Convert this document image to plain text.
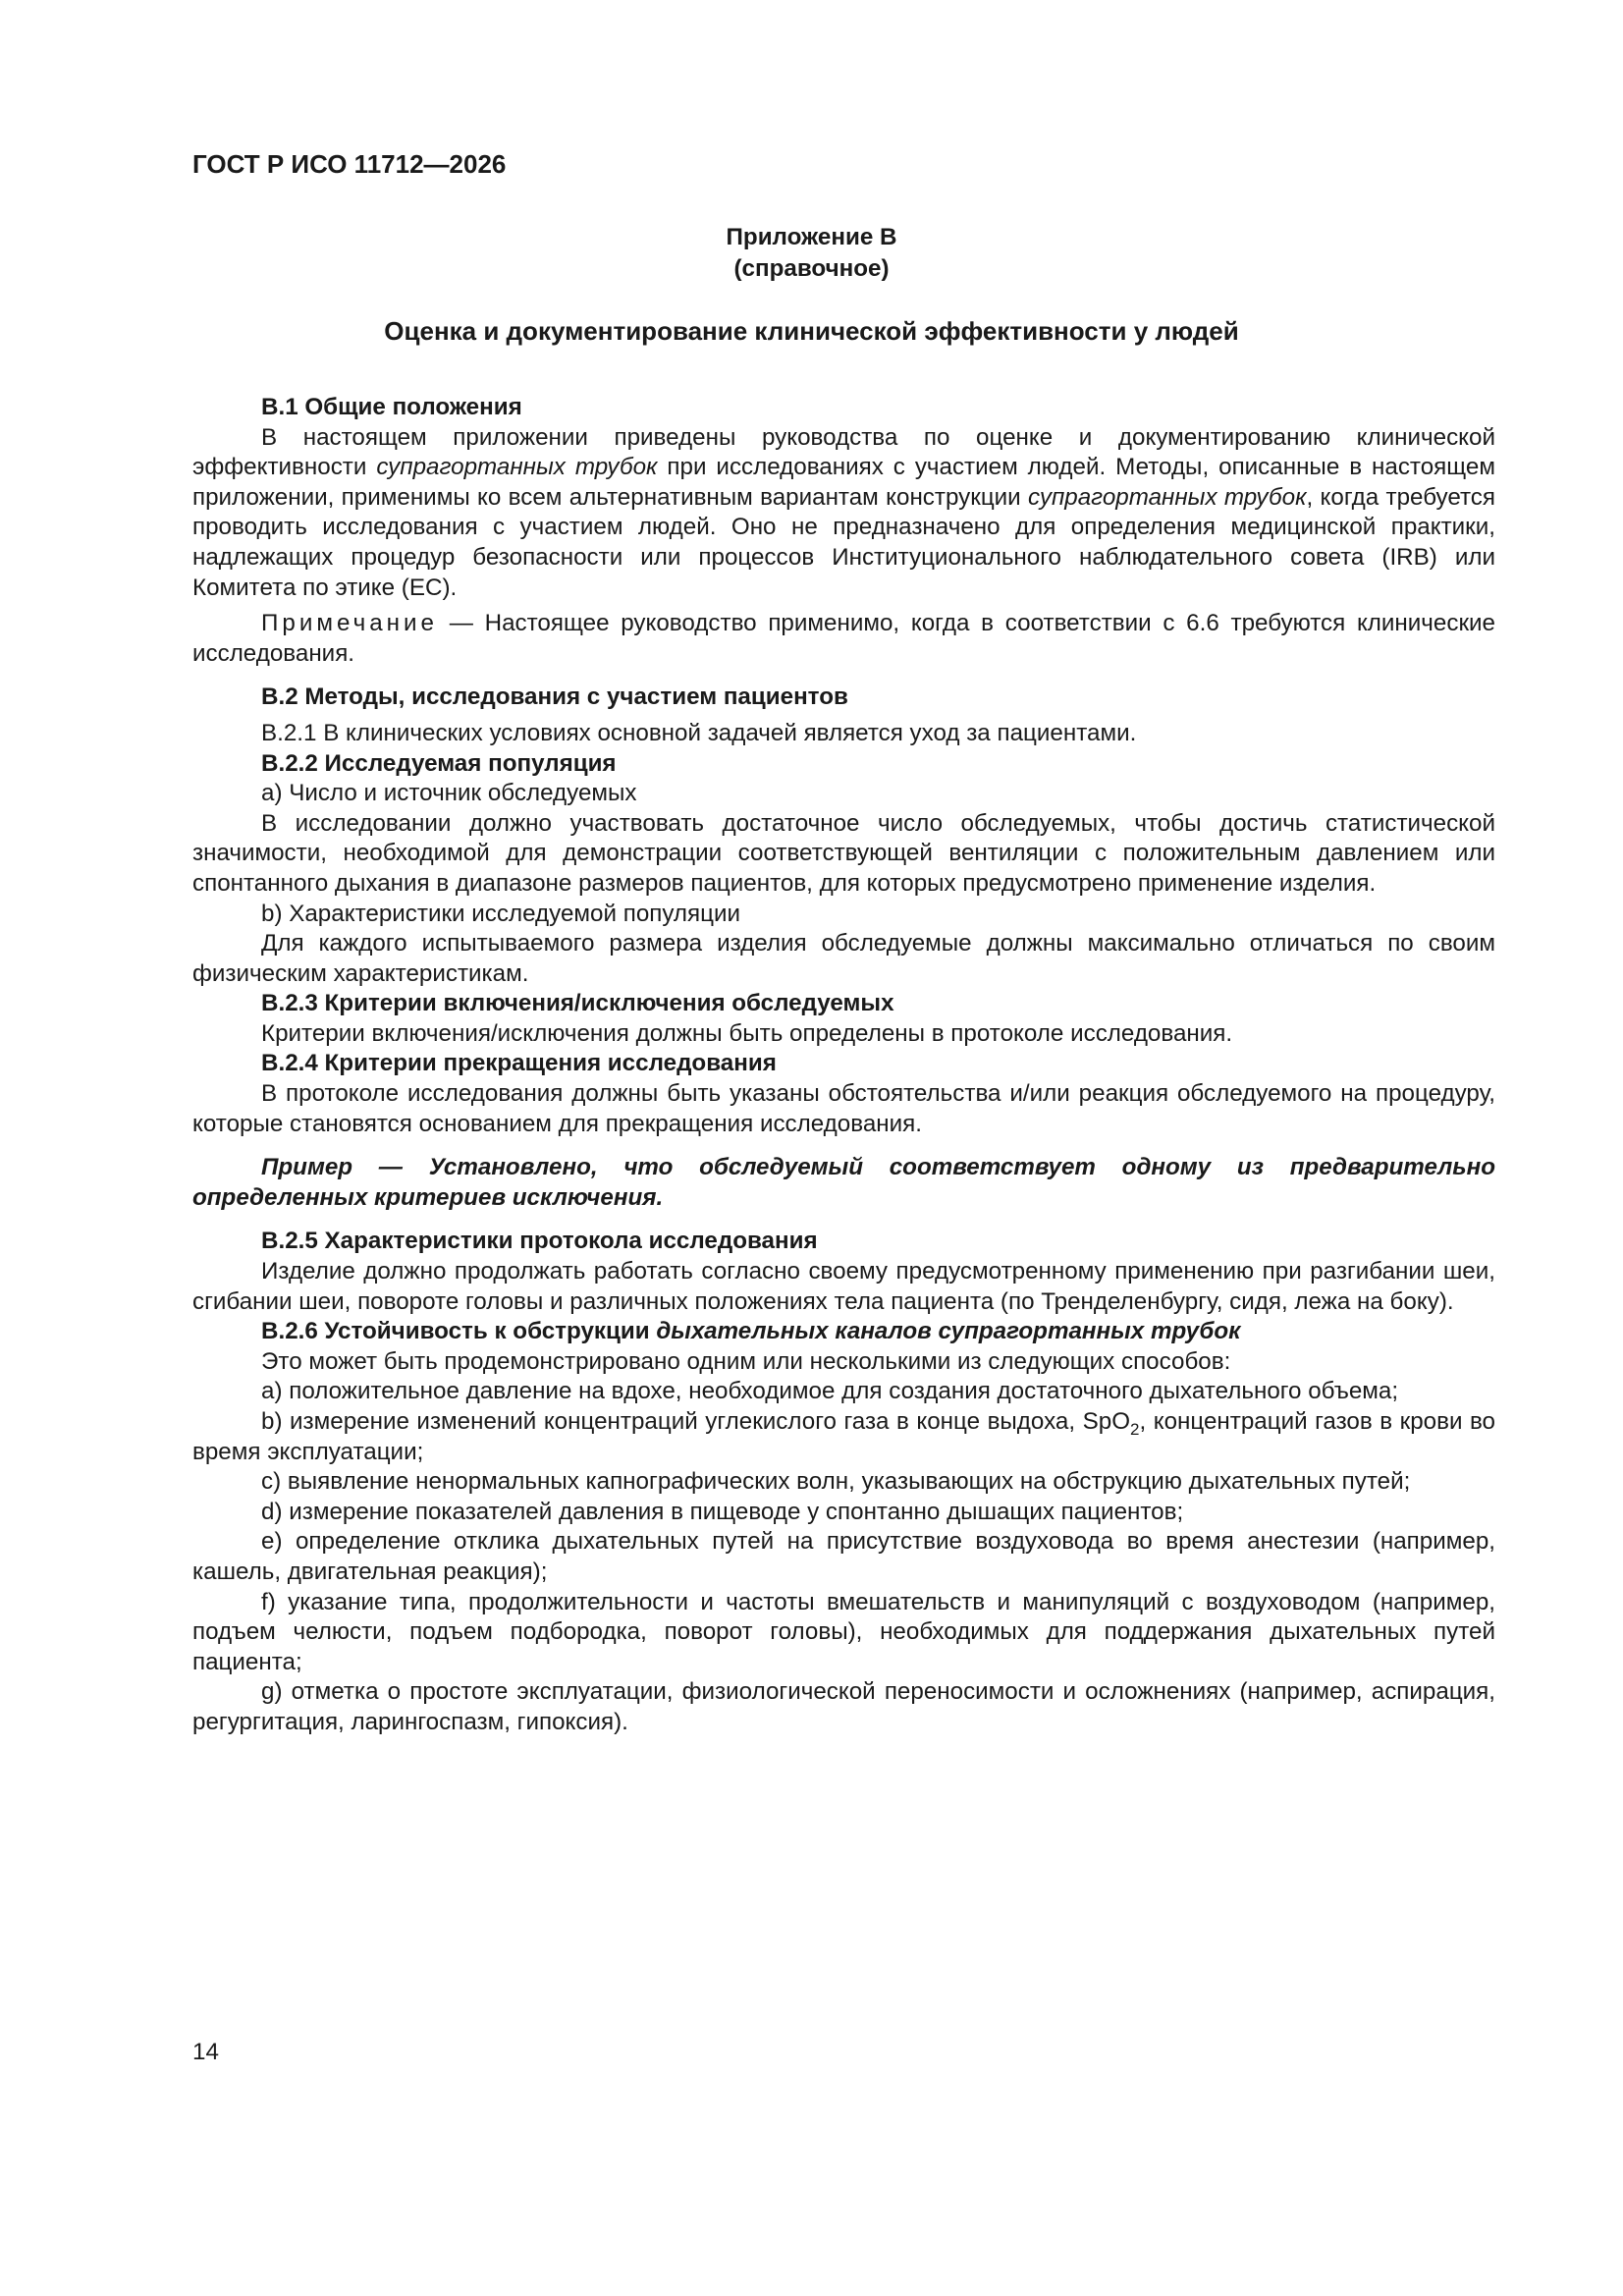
ГОСТ Р ИСО 11712—2026
Приложение В
(справочное)
Оценка и документирование клинической эффективности у людей

В.1 Общие положения

В настоящем приложении приведены руководства по оценке и документированию клинической эффективности супрагортанных трубок при исследованиях с участием людей. Методы, описанные в настоящем приложении, применимы ко всем альтернативным вариантам конструкции супрагортанных трубок, когда требуется проводить исследования с участием людей. Оно не предназначено для определения медицинской практики, надлежащих процедур безопасности или процессов Институционального наблюдательного совета (IRB) или Комитета по этике (ЕС).

Примечание — Настоящее руководство применимо, когда в соответствии с 6.6 требуются клинические исследования.

В.2 Методы, исследования с участием пациентов

В.2.1 В клинических условиях основной задачей является уход за пациентами.

В.2.2 Исследуемая популяция

а) Число и источник обследуемых

В исследовании должно участвовать достаточное число обследуемых, чтобы достичь статистической значимости, необходимой для демонстрации соответствующей вентиляции с положительным давлением или спонтанного дыхания в диапазоне размеров пациентов, для которых предусмотрено применение изделия.

b) Характеристики исследуемой популяции

Для каждого испытываемого размера изделия обследуемые должны максимально отличаться по своим физическим характеристикам.

В.2.3 Критерии включения/исключения обследуемых

Критерии включения/исключения должны быть определены в протоколе исследования.

В.2.4 Критерии прекращения исследования

В протоколе исследования должны быть указаны обстоятельства и/или реакция обследуемого на процедуру, которые становятся основанием для прекращения исследования.

Пример — Установлено, что обследуемый соответствует одному из предварительно определенных критериев исключения.

В.2.5 Характеристики протокола исследования

Изделие должно продолжать работать согласно своему предусмотренному применению при разгибании шеи, сгибании шеи, повороте головы и различных положениях тела пациента (по Тренделенбургу, сидя, лежа на боку).

В.2.6 Устойчивость к обструкции дыхательных каналов супрагортанных трубок

Это может быть продемонстрировано одним или несколькими из следующих способов:

а) положительное давление на вдохе, необходимое для создания достаточного дыхательного объема;

b) измерение изменений концентраций углекислого газа в конце выдоха, SpO$_2$, концентраций газов в крови во время эксплуатации;

с) выявление ненормальных капнографических волн, указывающих на обструкцию дыхательных путей;

d) измерение показателей давления в пищеводе у спонтанно дышащих пациентов;

е) определение отклика дыхательных путей на присутствие воздуховода во время анестезии (например, кашель, двигательная реакция);

f) указание типа, продолжительности и частоты вмешательств и манипуляций с воздуховодом (например, подъем челюсти, подъем подбородка, поворот головы), необходимых для поддержания дыхательных путей пациента;

g) отметка о простоте эксплуатации, физиологической переносимости и осложнениях (например, аспирация, регургитация, ларингоспазм, гипоксия).

14
